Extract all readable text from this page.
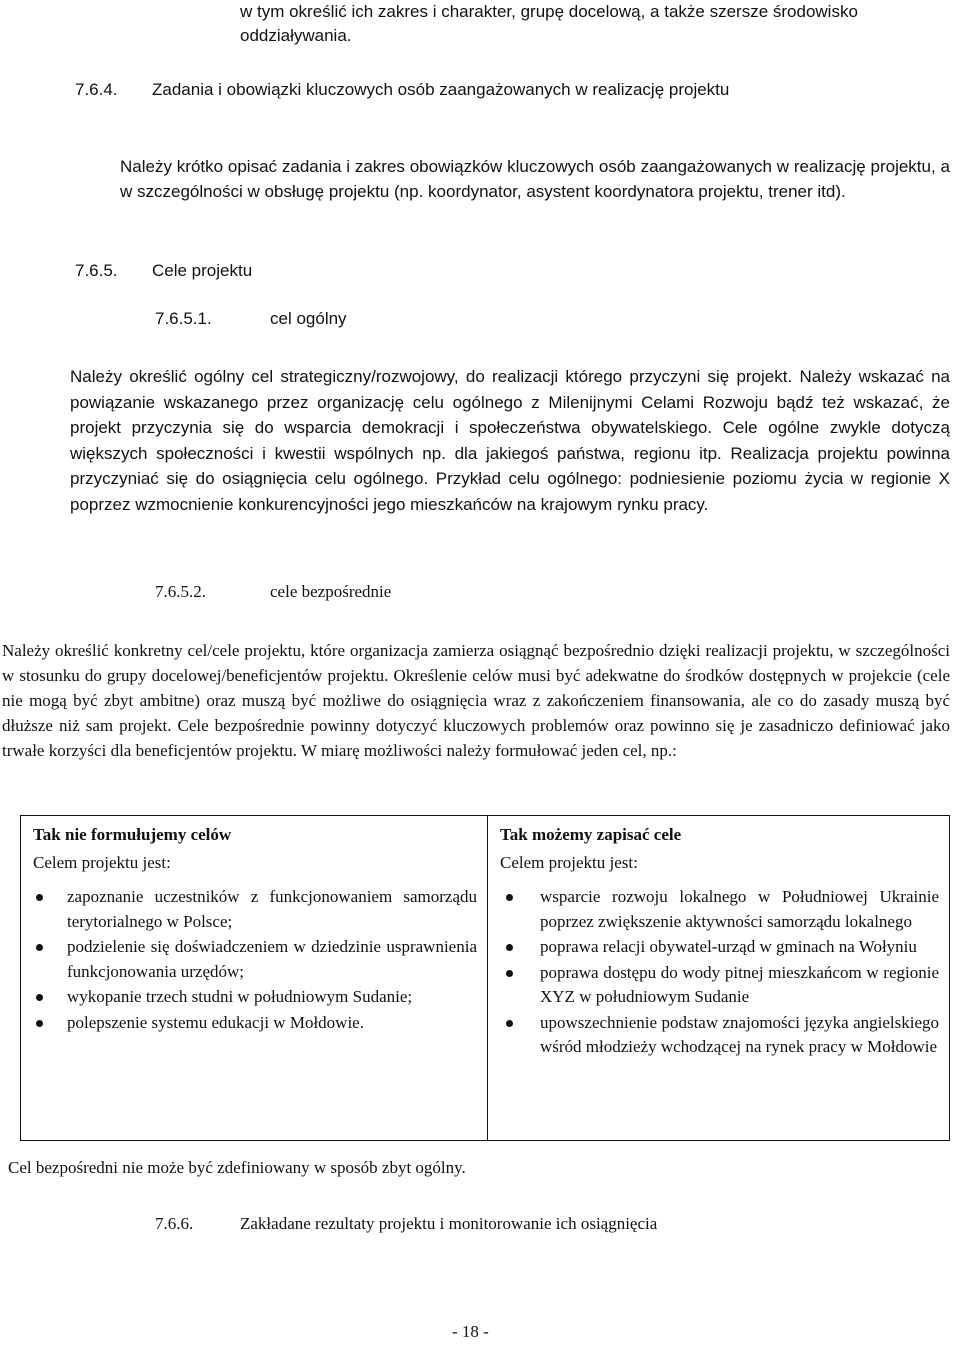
w tym określić ich zakres i charakter, grupę docelową, a także szersze środowisko oddziaływania.
7.6.4. Zadania i obowiązki kluczowych osób zaangażowanych w realizację projektu
Należy krótko opisać zadania i zakres obowiązków kluczowych osób zaangażowanych w realizację projektu, a w szczególności w obsługę projektu (np. koordynator, asystent koordynatora projektu, trener itd).
7.6.5. Cele projektu
7.6.5.1.	cel ogólny
Należy określić ogólny cel strategiczny/rozwojowy, do realizacji którego przyczyni się projekt. Należy wskazać na powiązanie wskazanego przez organizację celu ogólnego z Milenijnymi Celami Rozwoju bądź też wskazać, że projekt przyczynia się do wsparcia demokracji i społeczeństwa obywatelskiego. Cele ogólne zwykle dotyczą większych społeczności i kwestii wspólnych np. dla jakiegoś państwa, regionu itp. Realizacja projektu powinna przyczyniać się do osiągnięcia celu ogólnego. Przykład celu ogólnego: podniesienie poziomu życia w regionie X poprzez wzmocnienie konkurencyjności jego mieszkańców na krajowym rynku pracy.
7.6.5.2.	cele bezpośrednie
Należy określić konkretny cel/cele projektu, które organizacja zamierza osiągnąć bezpośrednio dzięki realizacji projektu, w szczególności w stosunku do grupy docelowej/beneficjentów projektu. Określenie celów musi być adekwatne do środków dostępnych w projekcie (cele nie mogą być zbyt ambitne) oraz muszą być możliwe do osiągnięcia wraz z zakończeniem finansowania, ale co do zasady muszą być dłuższe niż sam projekt. Cele bezpośrednie powinny dotyczyć kluczowych problemów oraz powinno się je zasadniczo definiować jako trwałe korzyści dla beneficjentów projektu. W miarę możliwości należy formułować jeden cel, np.:

Tak nie formułujemy celów

Celem projektu jest:

zapoznanie uczestników z funkcjonowaniem samorządu terytorialnego w Polsce;
podzielenie się doświadczeniem w dziedzinie usprawnienia funkcjonowania urzędów;
wykopanie trzech studni w południowym Sudanie;
polepszenie systemu edukacji w Mołdowie.

Tak możemy zapisać cele

Celem projektu jest:

wsparcie rozwoju lokalnego w Południowej Ukrainie poprzez zwiększenie aktywności samorządu lokalnego
poprawa relacji obywatel-urząd w gminach na Wołyniu
poprawa dostępu do wody pitnej mieszkańcom w regionie XYZ w południowym Sudanie
upowszechnienie podstaw znajomości języka angielskiego wśród młodzieży wchodzącej na rynek pracy w Mołdowie
Cel bezpośredni nie może być zdefiniowany w sposób zbyt ogólny.
7.6.6.	Zakładane rezultaty projektu i monitorowanie ich osiągnięcia
- 18 -
